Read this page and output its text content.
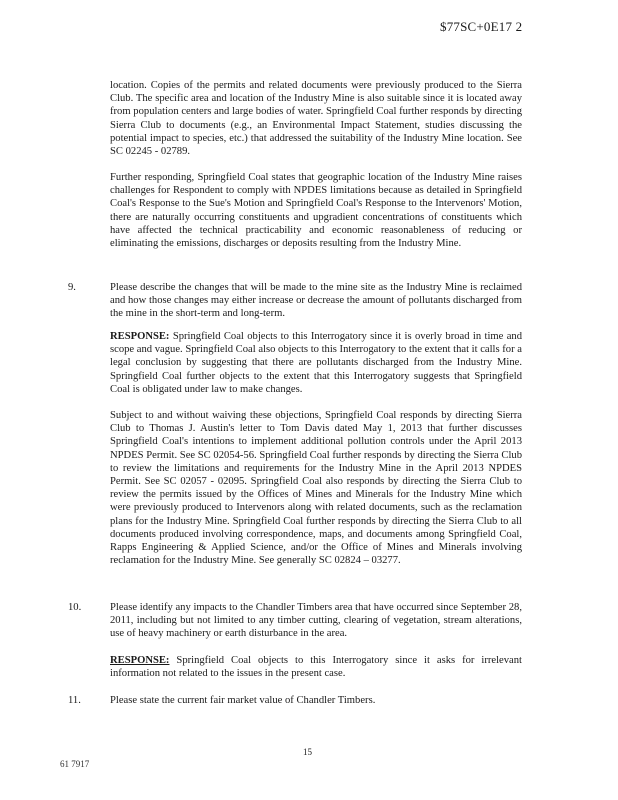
$77SC+0E17 2

location. Copies of the permits and related documents were previously produced to the Sierra Club. The specific area and location of the Industry Mine is also suitable since it is located away from population centers and large bodies of water. Springfield Coal further responds by directing Sierra Club to documents (e.g., an Environmental Impact Statement, studies discussing the potential impact to species, etc.) that addressed the suitability of the Industry Mine location. See SC 02245 - 02789.

Further responding, Springfield Coal states that geographic location of the Industry Mine raises challenges for Respondent to comply with NPDES limitations because as detailed in Springfield Coal's Response to the Sue's Motion and Springfield Coal's Response to the Intervenors' Motion, there are naturally occurring constituents and upgradient concentrations of constituents which have affected the technical practicability and economic reasonableness of reducing or eliminating the emissions, discharges or deposits resulting from the Industry Mine.

9.	Please describe the changes that will be made to the mine site as the Industry Mine is reclaimed and how those changes may either increase or decrease the amount of pollutants discharged from the mine in the short-term and long-term.

RESPONSE: Springfield Coal objects to this Interrogatory since it is overly broad in time and scope and vague. Springfield Coal also objects to this Interrogatory to the extent that it calls for a legal conclusion by suggesting that there are pollutants discharged from the Industry Mine. Springfield Coal further objects to the extent that this Interrogatory suggests that Springfield Coal is obligated under law to make changes.

Subject to and without waiving these objections, Springfield Coal responds by directing Sierra Club to Thomas J. Austin's letter to Tom Davis dated May 1, 2013 that further discusses Springfield Coal's intentions to implement additional pollution controls under the April 2013 NPDES Permit. See SC 02054-56. Springfield Coal further responds by directing the Sierra Club to review the limitations and requirements for the Industry Mine in the April 2013 NPDES Permit. See SC 02057 - 02095. Springfield Coal also responds by directing the Sierra Club to review the permits issued by the Offices of Mines and Minerals for the Industry Mine which were previously produced to Intervenors along with related documents, such as the reclamation plans for the Industry Mine. Springfield Coal further responds by directing the Sierra Club to all documents produced involving correspondence, maps, and documents among Springfield Coal, Rapps Engineering & Applied Science, and/or the Office of Mines and Minerals involving reclamation for the Industry Mine. See generally SC 02824 – 03277.

10.	Please identify any impacts to the Chandler Timbers area that have occurred since September 28, 2011, including but not limited to any timber cutting, clearing of vegetation, stream alterations, use of heavy machinery or earth disturbance in the area.

RESPONSE: Springfield Coal objects to this Interrogatory since it asks for irrelevant information not related to the issues in the present case.

11.	Please state the current fair market value of Chandler Timbers.

15
61 7917
